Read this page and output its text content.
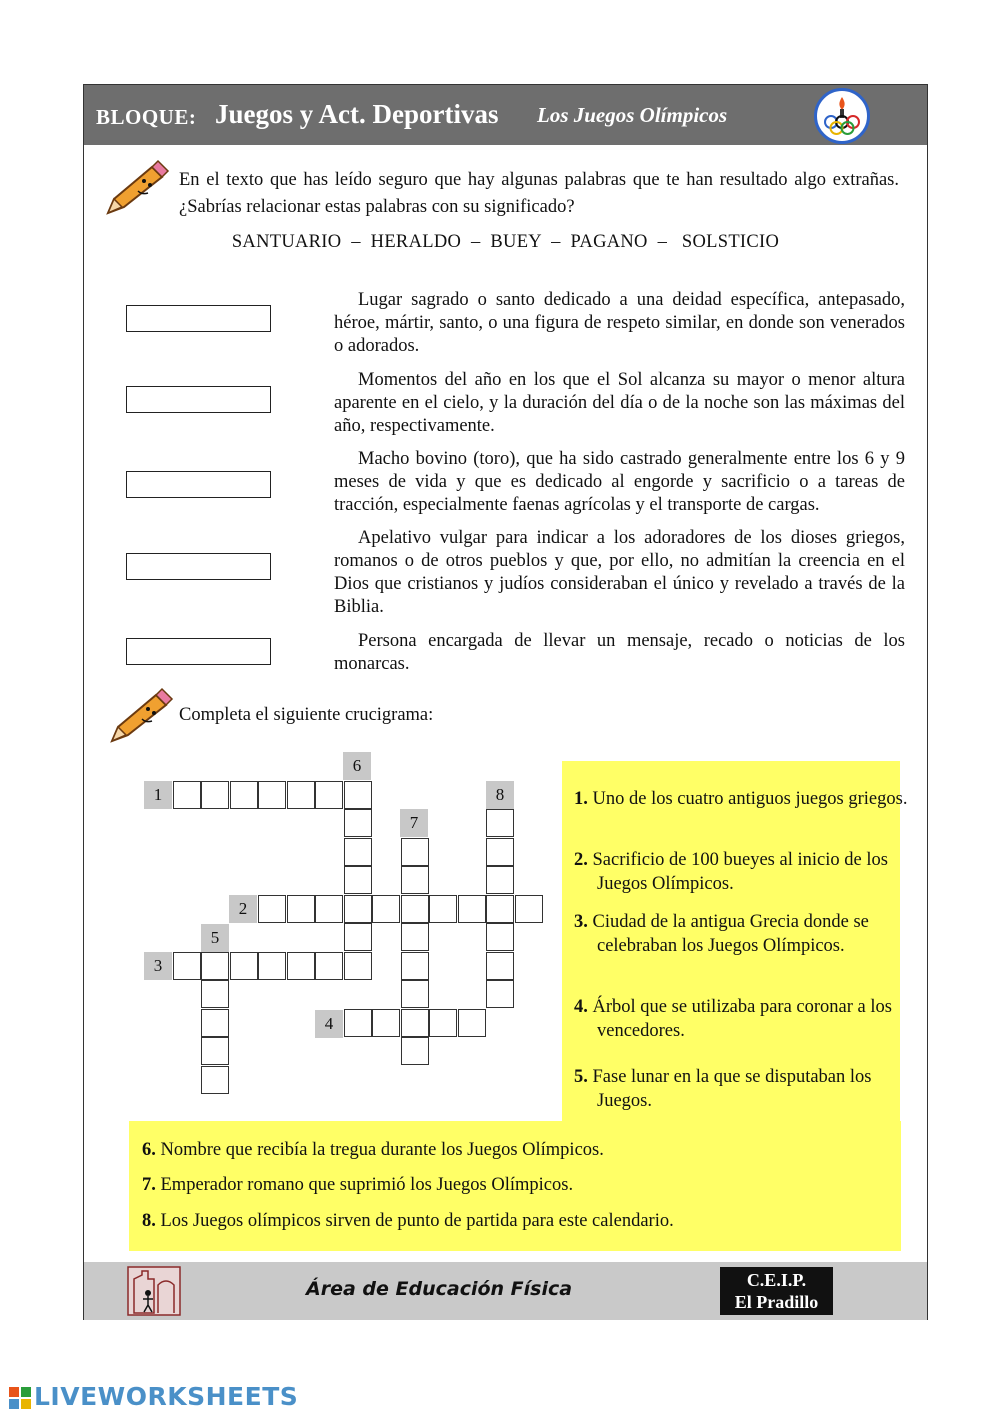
BLOQUE: Juegos y Act. Deportivas Los Juegos Olímpicos
En el texto que has leído seguro que hay algunas palabras que te han resultado algo extrañas. ¿Sabrías relacionar estas palabras con su significado?
SANTUARIO  –  HERALDO  –  BUEY  –  PAGANO  –   SOLSTICIO
Lugar sagrado o santo dedicado a una deidad específica, antepasado, héroe, mártir, santo, o una figura de respeto similar, en donde son venerados o adorados.
Momentos del año en los que el Sol alcanza su mayor o menor altura aparente en el cielo, y la duración del día o de la noche son las máximas del año, respectivamente.
Macho bovino (toro), que ha sido castrado generalmente entre los 6 y 9 meses de vida y que es dedicado al engorde y sacrificio o a tareas de tracción, especialmente faenas agrícolas y el transporte de cargas.
Apelativo vulgar para indicar a los adoradores de los dioses griegos, romanos o de otros pueblos y que, por ello, no admitían la creencia en el Dios que cristianos y judíos consideraban el único y revelado a través de la Biblia.
Persona encargada de llevar un mensaje, recado o noticias de los monarcas.
Completa el siguiente crucigrama:
1
2
3
4
5
6
7
8	1. Uno de los cuatro antiguos juegos griegos.
2. Sacrificio de 100 bueyes al inicio de los Juegos Olímpicos.
3. Ciudad de la antigua Grecia donde se celebraban los Juegos Olímpicos.
4. Árbol que se utilizaba para coronar a los vencedores.
5. Fase lunar en la que se disputaban los Juegos.
6. Nombre que recibía la tregua durante los Juegos Olímpicos.
7. Emperador romano que suprimió los Juegos Olímpicos.
8. Los Juegos olímpicos sirven de punto de partida para este calendario.
Área de Educación Física	C.E.I.P.
El Pradillo
LIVEWORKSHEETS
